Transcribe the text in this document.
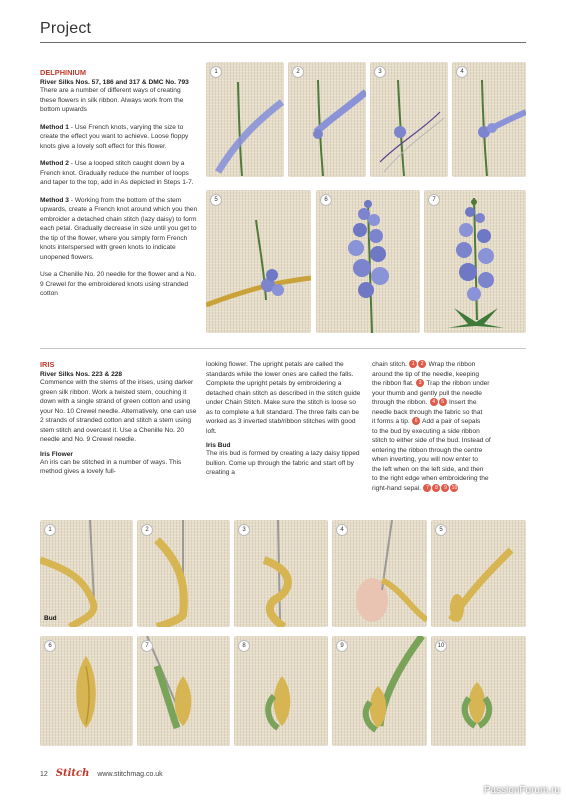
Project
DELPHINIUM
River Silks Nos. 57, 186 and 317 & DMC No. 793
There are a number of different ways of creating these flowers in silk ribbon. Always work from the bottom upwards
Method 1 - Use French knots, varying the size to create the effect you want to achieve. Loose floppy knots give a lovely soft effect for this flower.
Method 2 - Use a looped stitch caught down by a French knot. Gradually reduce the number of loops and taper to the top, add in As depicted in Steps 1-7.
Method 3 - Working from the bottom of the stem upwards, create a French knot around which you then embroider a detached chain stitch (lazy daisy) to form each petal. Gradually decrease in size until you get to the tip of the flower, where you simply form French knots interspersed with green knots to indicate unopened flowers.
Use a Chenille No. 20 needle for the flower and a No. 9 Crewel for the embroidered knots using stranded cotton
1	2	3	4
5	6	7
IRIS
River Silks Nos. 223 & 228
Commence with the stems of the irises, using darker green silk ribbon. Work a twisted stem, couching it down with a single strand of green cotton and using your No. 10 Crewel needle. Alternatively, one can use 2 strands of stranded cotton and stitch a stem using stem stitch and overcast it. Use a Chenille No. 20 needle and No. 9 Crewel needle.
Iris Flower
An iris can be stitched in a number of ways. This method gives a lovely full-
looking flower. The upright petals are called the standards while the lower ones are called the falls. Complete the upright petals by embroidering a detached chain stitch as described in the stitch guide under Chain Stitch. Make sure the stitch is loose so as to complete a full standard. The three falls can be worked as 3 inverted stab/ribbon stitches with good loft.
Iris Bud
The iris bud is formed by creating a lazy daisy tipped bullion. Come up through the fabric and start off by creating a
chain stitch. 1 2 Wrap the ribbon
around the tip of the needle, keeping
the ribbon flat. 3 Trap the ribbon under
your thumb and gently pull the needle
through the ribbon. 4 5 Insert the
needle back through the fabric so that
it forms a tip. 6 Add a pair of sepals
to the bud by executing a side ribbon
stitch to either side of the bud. Instead of
entering the ribbon through the centre
when inverting, you will now enter to
the left when on the left side, and then
to the right edge when embroidering the
right-hand sepal. 7 8 9 10
1
Bud
2	3	4	5
6	7	8	9	10
12 Stitch www.stitchmag.co.uk
PassionForum.ru
